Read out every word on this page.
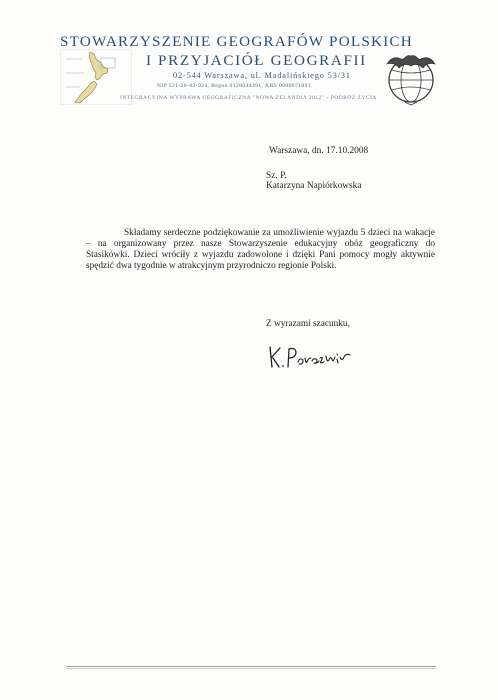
STOWARZYSZENIE GEOGRAFÓW POLSKICH
I PRZYJACIÓŁ GEOGRAFII
02-544 Warszawa, ul. Madalińskiego 53/31
NIP 521-28-03-924, Regon 0128044491, KRS 0000071891
INTEGRACYJNA WYPRAWA GEOGRAFICZNA "NOWA ZELANDIA 2012" - PODRÓŻ ŻYCIA
Warszawa, dn. 17.10.2008
Sz. P.
Katarzyna Napiórkowska
Składamy serdeczne podziękowanie za umożliwienie wyjazdu 5 dzieci na wakacje – na organizowany przez nasze Stowarzyszenie edukacyjny obóz geograficzny do Stasikówki. Dzieci wróciły z wyjazdu zadowolone i dzięki Pani pomocy mogły aktywnie spędzić dwa tygodnie w atrakcyjnym przyrodniczo regionie Polski.
Z wyrazami szacunku,
